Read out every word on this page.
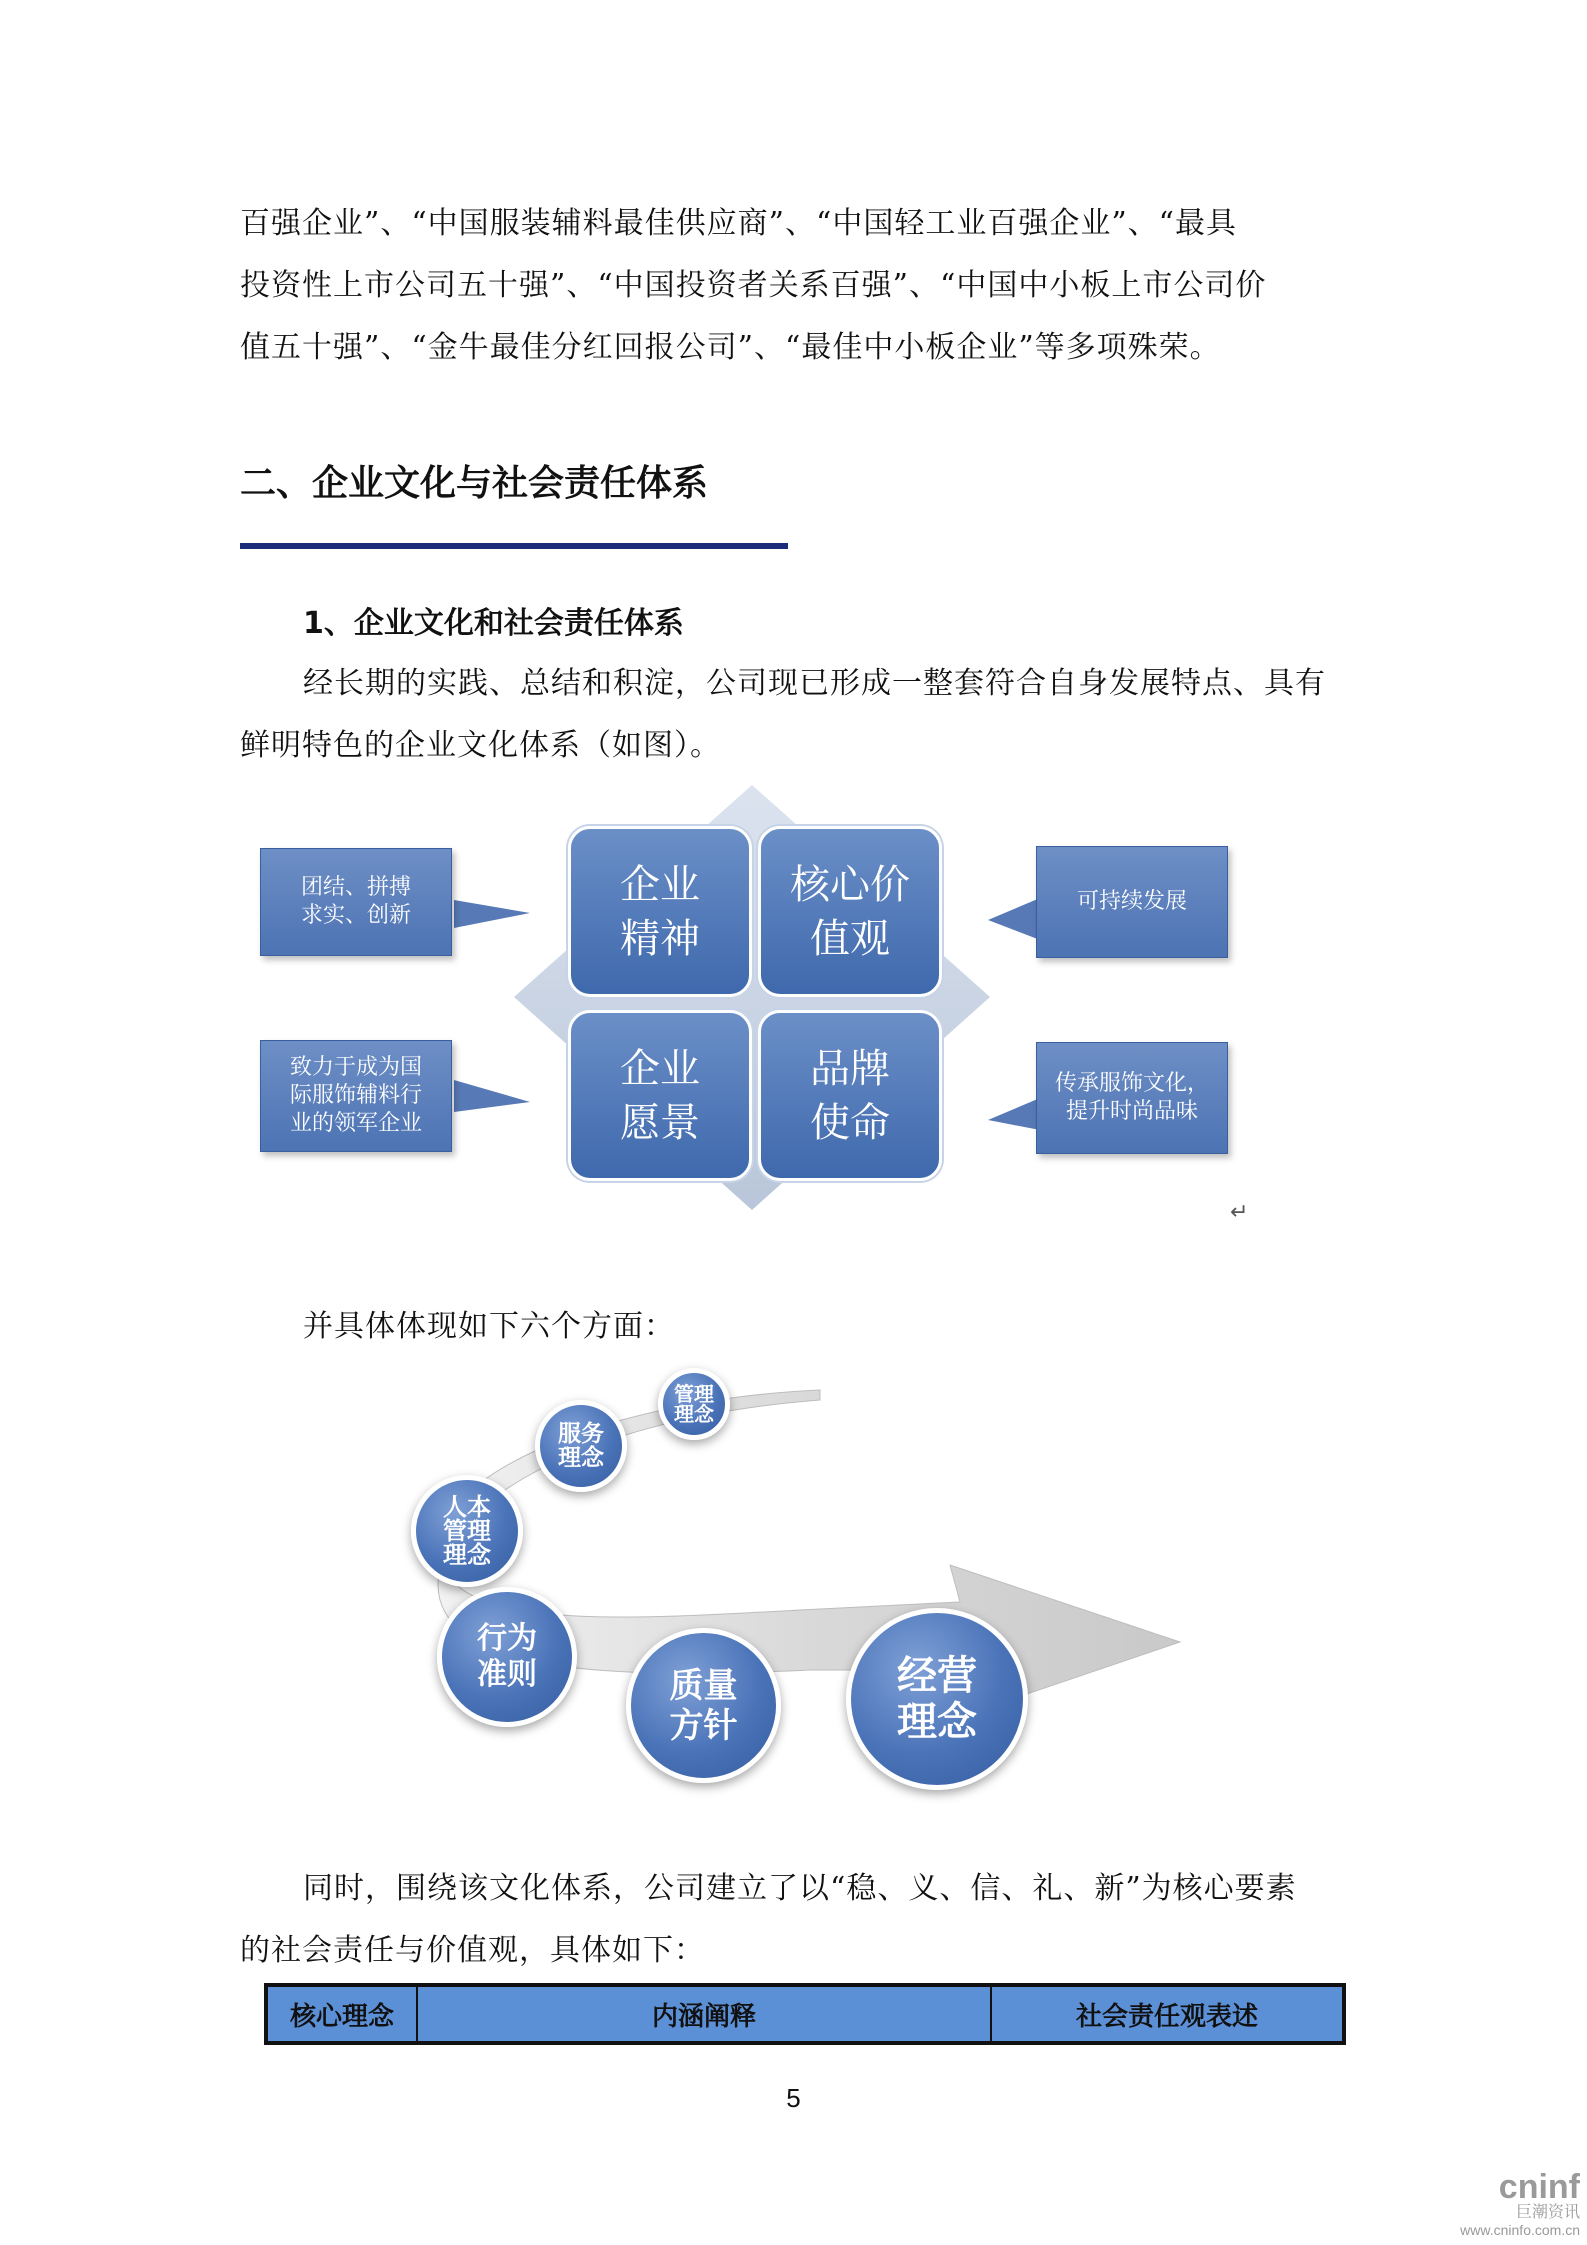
百强企业”、“中国服装辅料最佳供应商”、“中国轻工业百强企业”、“最具
投资性上市公司五十强”、“中国投资者关系百强”、“中国中小板上市公司价
值五十强”、“金牛最佳分红回报公司”、“最佳中小板企业”等多项殊荣。
二、企业文化与社会责任体系
1、企业文化和社会责任体系
经长期的实践、总结和积淀，公司现已形成一整套符合自身发展特点、具有
鲜明特色的企业文化体系（如图）。
团结、拼搏求实、创新
可持续发展
致力于成为国际服饰辅料行业的领军企业
传承服饰文化，提升时尚品味
企业精神
核心价值观
企业愿景
品牌使命
↵
并具体体现如下六个方面：
管理理念
服务理念
人本管理理念
行为准则	质量方针
经营理念
同时，围绕该文化体系，公司建立了以“稳、义、信、礼、新”为核心要素
的社会责任与价值观，具体如下：
核心理念	内涵阐释	社会责任观表述
5
cninf
巨潮资讯
www.cninfo.com.cn
